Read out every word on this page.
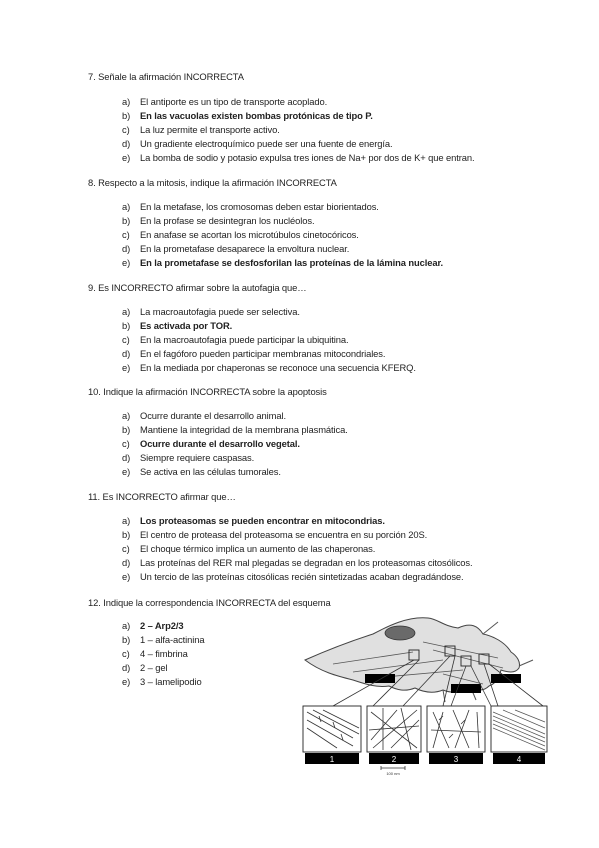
7. Señale la afirmación INCORRECTA
a) El antiporte es un tipo de transporte acoplado.
b) En las vacuolas existen bombas protónicas de tipo P.
c) La luz permite el transporte activo.
d) Un gradiente electroquímico puede ser una fuente de energía.
e) La bomba de sodio y potasio expulsa tres iones de Na+ por dos de K+ que entran.
8. Respecto a la mitosis, indique la afirmación INCORRECTA
a) En la metafase, los cromosomas deben estar biorientados.
b) En la profase se desintegran los nucléolos.
c) En anafase se acortan los microtúbulos cinetocóricos.
d) En la prometafase desaparece la envoltura nuclear.
e) En la prometafase se desfosforilan las proteínas de la lámina nuclear.
9. Es INCORRECTO afirmar sobre la autofagia que…
a) La macroautofagia puede ser selectiva.
b) Es activada por TOR.
c) En la macroautofagia puede participar la ubiquitina.
d) En el fagóforo pueden participar membranas mitocondriales.
e) En la mediada por chaperonas se reconoce una secuencia KFERQ.
10. Indique la afirmación INCORRECTA sobre la apoptosis
a) Ocurre durante el desarrollo animal.
b) Mantiene la integridad de la membrana plasmática.
c) Ocurre durante el desarrollo vegetal.
d) Siempre requiere caspasas.
e) Se activa en las células tumorales.
11. Es INCORRECTO afirmar que…
a) Los proteasomas se pueden encontrar en mitocondrias.
b) El centro de proteasa del proteasoma se encuentra en su porción 20S.
c) El choque térmico implica un aumento de las chaperonas.
d) Las proteínas del RER mal plegadas se degradan en los proteasomas citosólicos.
e) Un tercio de las proteínas citosólicas recién sintetizadas acaban degradándose.
12. Indique la correspondencia INCORRECTA del esquema
a) 2 – Arp2/3
b) 1 – alfa-actinina
c) 4 – fimbrina
d) 2 – gel
e) 3 – lamelipodio
1	2	3	4
100 nm
